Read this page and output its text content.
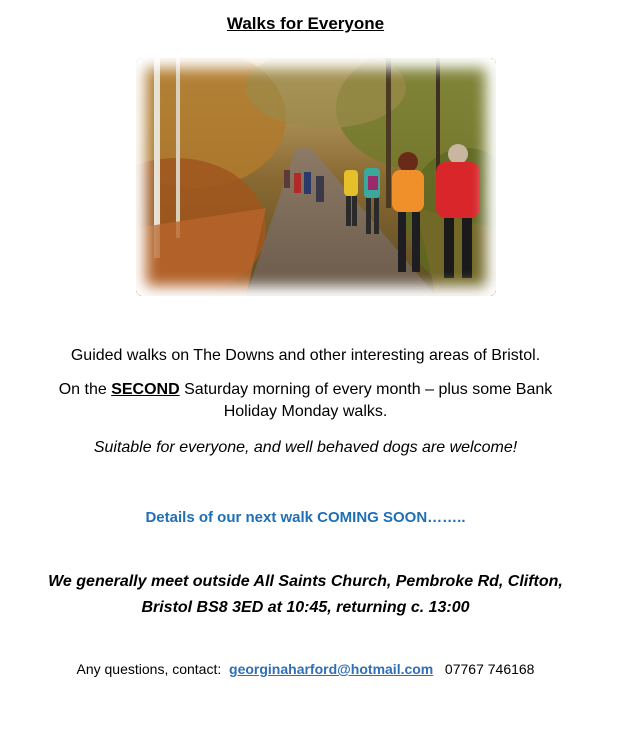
Walks for Everyone
Guided walks on The Downs and other interesting areas of Bristol.
On the SECOND Saturday morning of every month – plus some Bank
Holiday Monday walks.
Suitable for everyone, and well behaved dogs are welcome!
Details of our next walk COMING SOON……..
We generally meet outside All Saints Church, Pembroke Rd, Clifton,
Bristol BS8 3ED at 10:45, returning c. 13:00
Any questions, contact:  georginaharford@hotmail.com   07767 746168
